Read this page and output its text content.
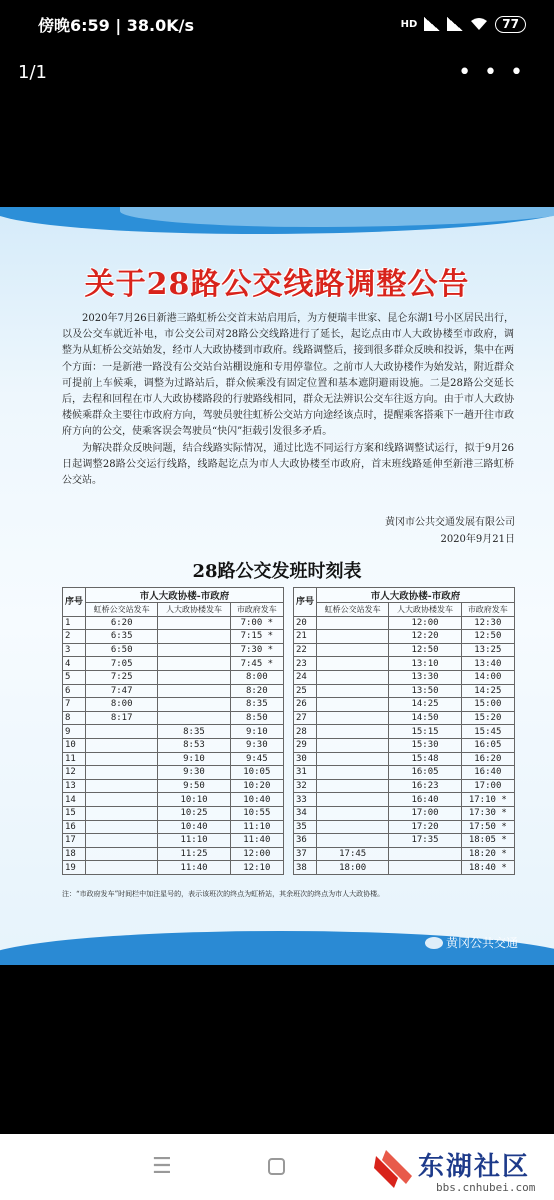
傍晚6:59 | 38.0K/s	HD	77
1/1	• • •
关于28路公交线路调整公告

2020年7月26日新港三路虹桥公交首末站启用后，为方便瑞丰世家、昆仑东湖1号小区居民出行，以及公交车就近补电，市公交公司对28路公交线路进行了延长，起讫点由市人大政协楼至市政府，调整为从虹桥公交站始发，经市人大政协楼到市政府。线路调整后，接到很多群众反映和投诉，集中在两个方面：一是新港一路没有公交站台站棚设施和专用停靠位。之前市人大政协楼作为始发站，附近群众可提前上车候乘，调整为过路站后，群众候乘没有固定位置和基本遮阴避雨设施。二是28路公交延长后，去程和回程在市人大政协楼路段的行驶路线相同，群众无法辨识公交车往返方向。由于市人大政协楼候乘群众主要往市政府方向，驾驶员驶往虹桥公交站方向途经该点时，提醒乘客搭乘下一趟开往市政府方向的公交，使乘客误会驾驶员“快闪”拒载引发很多矛盾。

为解决群众反映问题，结合线路实际情况，通过比选不同运行方案和线路调整试运行，拟于9月26日起调整28路公交运行线路，线路起讫点为市人大政协楼至市政府，首末班线路延伸至新港三路虹桥公交站。

黄冈市公共交通发展有限公司
2020年9月21日
28路公交发班时刻表
序号	市人大政协楼-市政府		
	虹桥公交站发车	人大政协楼发车	市政府发车
1	6:20		7:00 *
2	6:35		7:15 *
3	6:50		7:30 *
4	7:05		7:45 *
5	7:25		8:00
6	7:47		8:20
7	8:00		8:35
8	8:17		8:50
9		8:35	9:10
10		8:53	9:30
11		9:10	9:45
12		9:30	10:05
13		9:50	10:20
14		10:10	10:40
15		10:25	10:55
16		10:40	11:10
17		11:10	11:40
18		11:25	12:00
19		11:40	12:10
序号	市人大政协楼-市政府		
	虹桥公交站发车	人大政协楼发车	市政府发车
20		12:00	12:30
21		12:20	12:50
22		12:50	13:25
23		13:10	13:40
24		13:30	14:00
25		13:50	14:25
26		14:25	15:00
27		14:50	15:20
28		15:15	15:45
29		15:30	16:05
30		15:48	16:20
31		16:05	16:40
32		16:23	17:00
33		16:40	17:10 *
34		17:00	17:30 *
35		17:20	17:50 *
36		17:35	18:05 *
37	17:45		18:20 *
38	18:00		18:40 *
注：“市政府发车”时间栏中加注星号的，表示该班次的终点为虹桥站，其余班次的终点为市人大政协楼。
黄冈公共交通
☰	东湖社区
bbs.cnhubei.com
